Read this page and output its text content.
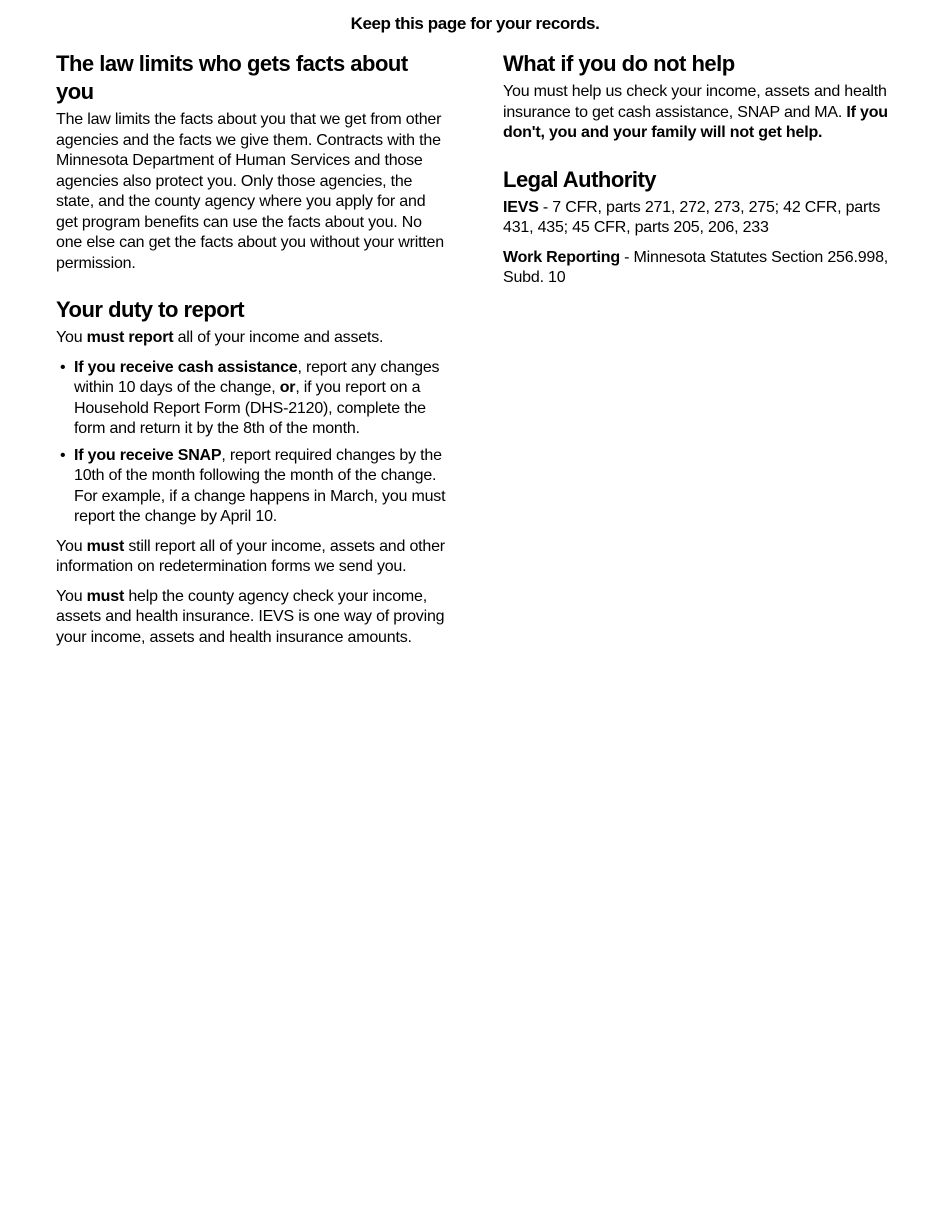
Keep this page for your records.
The law limits who gets facts about you

The law limits the facts about you that we get from other agencies and the facts we give them. Contracts with the Minnesota Department of Human Services and those agencies also protect you. Only those agencies, the state, and the county agency where you apply for and get program benefits can use the facts about you. No one else can get the facts about you without your written permission.

Your duty to report

You must report all of your income and assets.

• If you receive cash assistance, report any changes within 10 days of the change, or, if you report on a Household Report Form (DHS-2120), complete the form and return it by the 8th of the month.
• If you receive SNAP, report required changes by the 10th of the month following the month of the change. For example, if a change happens in March, you must report the change by April 10.

You must still report all of your income, assets and other information on redetermination forms we send you.

You must help the county agency check your income, assets and health insurance. IEVS is one way of proving your income, assets and health insurance amounts.

What if you do not help

You must help us check your income, assets and health insurance to get cash assistance, SNAP and MA. If you don't, you and your family will not get help.

Legal Authority

IEVS - 7 CFR, parts 271, 272, 273, 275; 42 CFR, parts 431, 435; 45 CFR, parts 205, 206, 233

Work Reporting - Minnesota Statutes Section 256.998, Subd. 10
